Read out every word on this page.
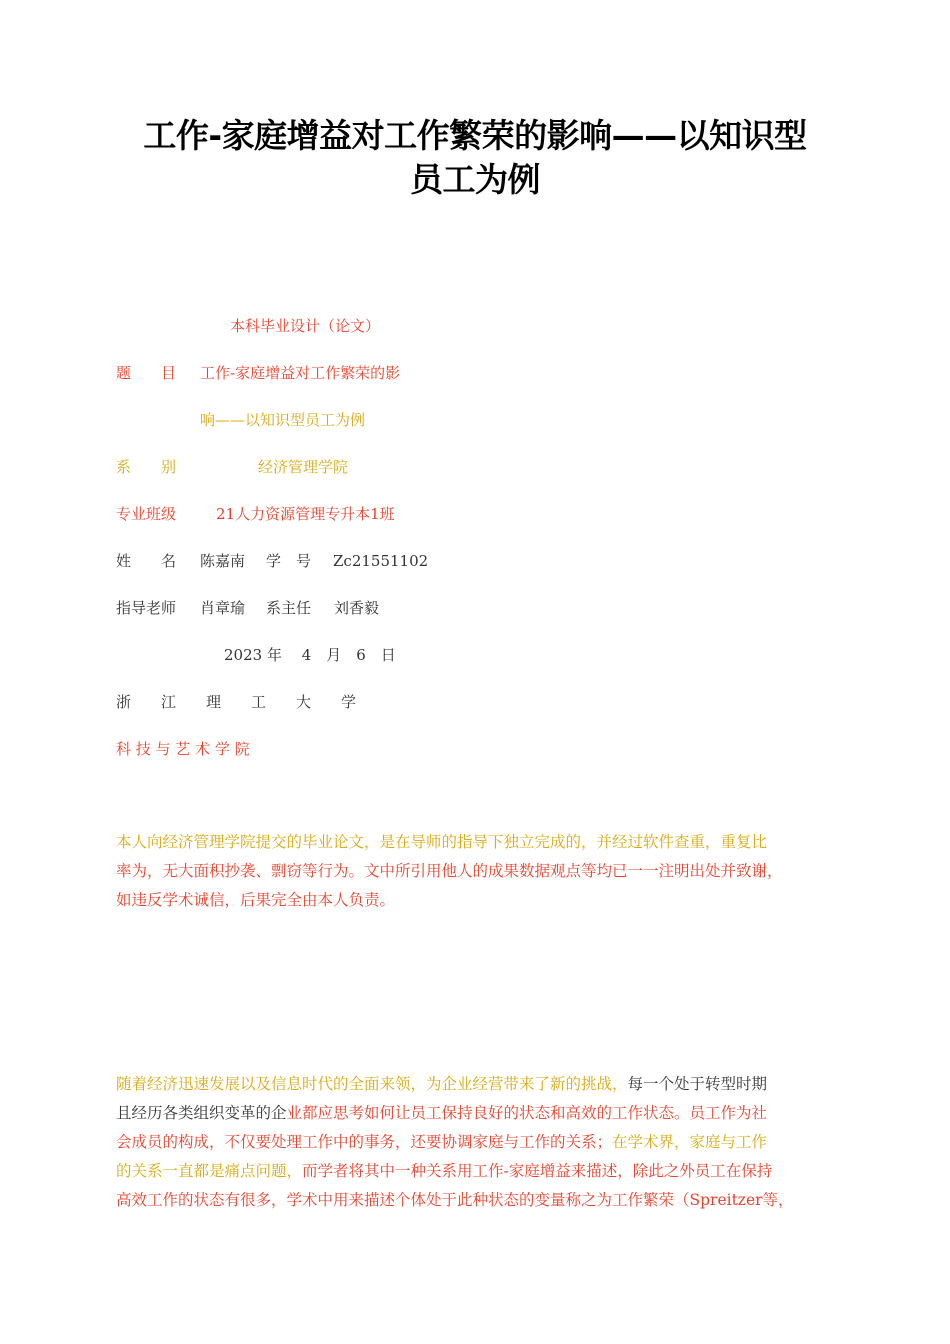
工作-家庭增益对工作繁荣的影响——以知识型
员工为例
本科毕业设计（论文）
题　　目 工作-家庭增益对工作繁荣的影
响——以知识型员工为例
系　　别	经济管理学院
专业班级	21人力资源管理专升本1班
姓　　名 陈嘉南 学　号 Zc21551102
指导老师 肖章瑜 系主任 刘香毅
2023 年　 4　月　6　日
浙　　江　　理　　工　　大　　学
科 技 与 艺 术 学 院
本人向经济管理学院提交的毕业论文，是在导师的指导下独立完成的，并经过软件查重，重复比
率为，无大面积抄袭、剽窃等行为。文中所引用他人的成果数据观点等均已一一注明出处并致谢，
如违反学术诚信，后果完全由本人负责。
随着经济迅速发展以及信息时代的全面来领，为企业经营带来了新的挑战，每一个处于转型时期
且经历各类组织变革的企业都应思考如何让员工保持良好的状态和高效的工作状态。员工作为社
会成员的构成，不仅要处理工作中的事务，还要协调家庭与工作的关系；在学术界，家庭与工作
的关系一直都是痛点问题，而学者将其中一种关系用工作-家庭增益来描述，除此之外员工在保持
高效工作的状态有很多，学术中用来描述个体处于此种状态的变量称之为工作繁荣（Spreitzer等，
